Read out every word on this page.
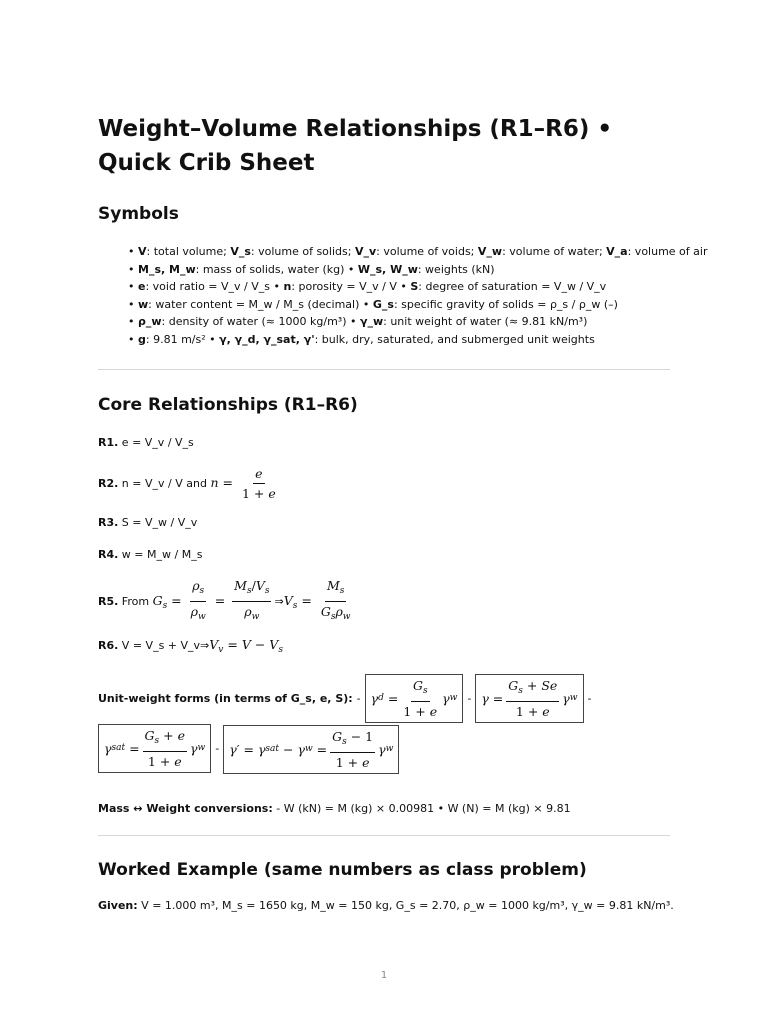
Weight–Volume Relationships (R1–R6) • Quick Crib Sheet
Symbols
• V: total volume; V_s: volume of solids; V_v: volume of voids; V_w: volume of water; V_a: volume of air
• M_s, M_w: mass of solids, water (kg) • W_s, W_w: weights (kN)
• e: void ratio = V_v / V_s • n: porosity = V_v / V • S: degree of saturation = V_w / V_v
• w: water content = M_w / M_s (decimal) • G_s: specific gravity of solids = ρ_s / ρ_w (–)
• ρ_w: density of water (≈ 1000 kg/m³) • γ_w: unit weight of water (≈ 9.81 kN/m³)
• g: 9.81 m/s² • γ, γ_d, γ_sat, γ': bulk, dry, saturated, and submerged unit weights
Core Relationships (R1–R6)
R1. e = V_v / V_s
R2. n = V_v / V and $n = \frac{e}{1 + e}$
R3. S = V_w / V_v
R4. w = M_w / M_s
R5. From $G_s = \frac{\rho_s}{\rho_w} = \frac{M_s/V_s}{\rho_w}$ ⇒ $V_s = \frac{M_s}{G_s\rho_w}$
R6. V = V_s + V_v ⇒ $V_v = V - V_s$
Unit-weight forms (in terms of G_s, e, S): - γ $d = \frac{G_s}{1 + e}$ γ $w - \gamma = \frac{G_s + Se}{1 + e}$ γ w -
γ sat = $\frac{G_s + e}{1 + e}$ γ w - γ′ = γ sat − γ $w = \frac{G_s - 1}{1 + e}$ γ w
Mass ↔ Weight conversions: - W (kN) = M (kg) × 0.00981 • W (N) = M (kg) × 9.81
Worked Example (same numbers as class problem)
Given: V = 1.000 m³, M_s = 1650 kg, M_w = 150 kg, G_s = 2.70, ρ_w = 1000 kg/m³, γ_w = 9.81 kN/m³.
1
